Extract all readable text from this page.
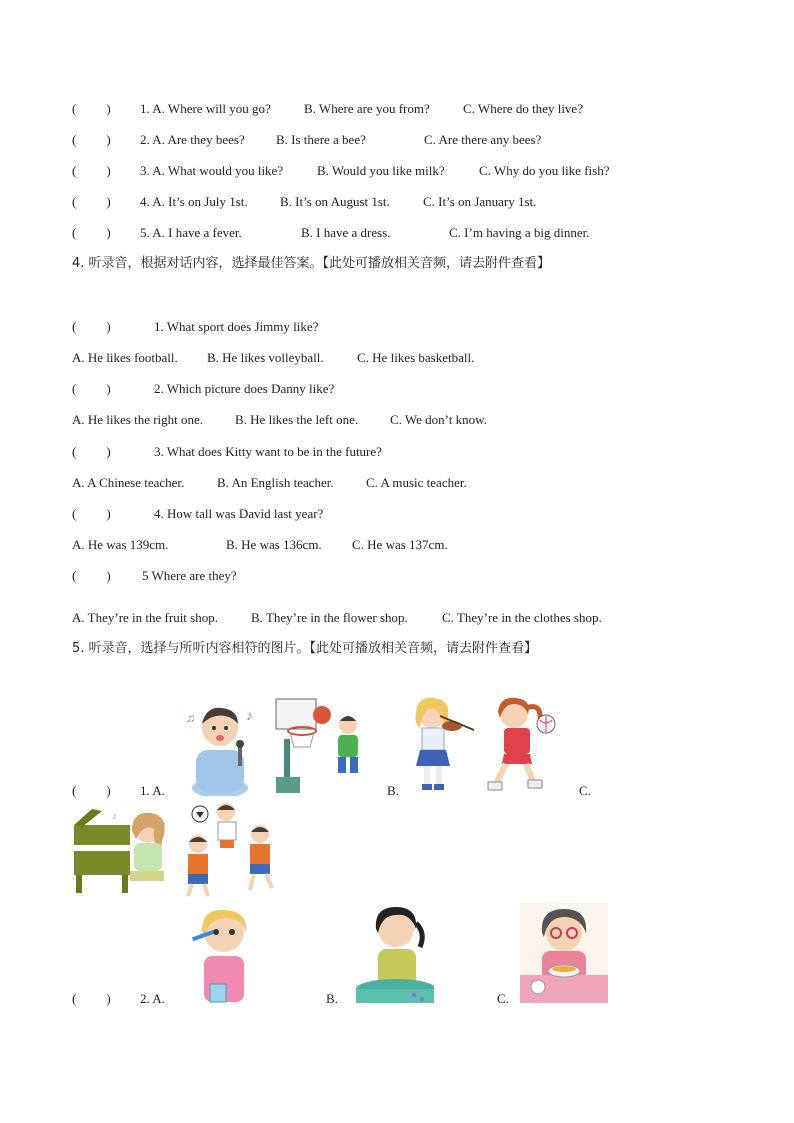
( ) 1. A. Where will you go?	B. Where are you from?	C. Where do they live?
( ) 2. A. Are they bees? B. Is there a bee?	C. Are there any bees?
( ) 3. A. What would you like?	B. Would you like milk?	C. Why do you like fish?
( ) 4. A. It’s on July 1st. B. It’s on August 1st.	C. It’s on January 1st.
( ) 5. A. I have a fever.	B. I have a dress.	C. I’m having a big dinner.
4. 听录音，根据对话内容，选择最佳答案。【此处可播放相关音频，请去附件查看】
( )	1. What sport does Jimmy like?
A. He likes football. B. He likes volleyball.	C. He likes basketball.
( )	2. Which picture does Danny like?
A. He likes the right one. B. He likes the left one. C. We don’t know.
( )	3. What does Kitty want to be in the future?
A. A Chinese teacher.	B. An English teacher. C. A music teacher.
( )	4. How tall was David last year?
A. He was 139cm.	B. He was 136cm. C. He was 137cm.
( ) 5 Where are they?
A. They’re in the fruit shop.	B. They’re in the flower shop.	C. They’re in the clothes shop.
5. 听录音，选择与所听内容相符的图片。【此处可播放相关音频，请去附件查看】
♪
♫
♪
( ) 1. A.	B.	C.
( ) 2. A.	B.	C.
